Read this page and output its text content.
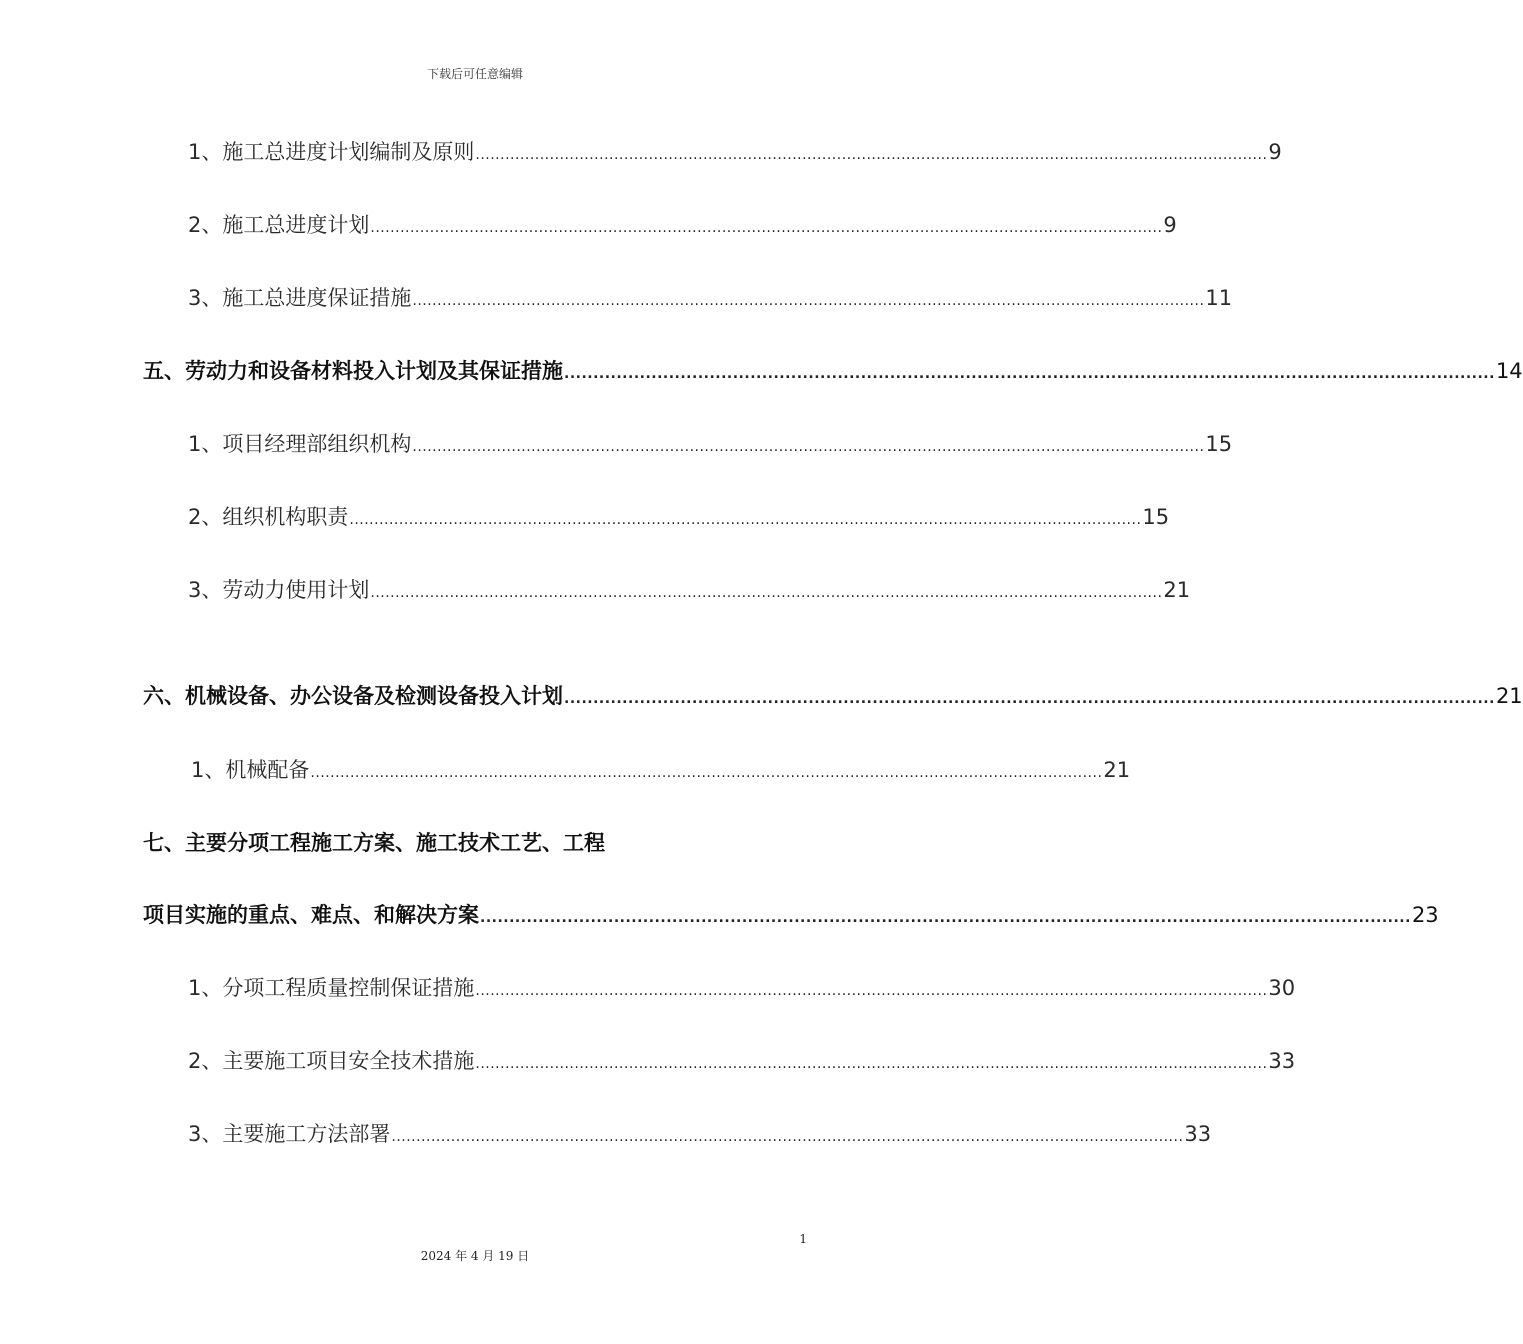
下载后可任意编辑
1、施工总进度计划编制及原则 ................................................................................................................................................................ 9
2、施工总进度计划 ................................................................................................................................................................ 9
3、施工总进度保证措施 ................................................................................................................................................................ 11
五、劳动力和设备材料投入计划及其保证措施 ................................................................................................................................................................ 14
1、项目经理部组织机构 ................................................................................................................................................................ 15
2、组织机构职责 ................................................................................................................................................................ 15
3、劳动力使用计划 ................................................................................................................................................................ 21
六、机械设备、办公设备及检测设备投入计划 ................................................................................................................................................................ 21
1、机械配备 ................................................................................................................................................................ 21
七、主要分项工程施工方案、施工技术工艺、工程
项目实施的重点、难点、和解决方案 ................................................................................................................................................................ 23
1、分项工程质量控制保证措施 ................................................................................................................................................................ 30
2、主要施工项目安全技术措施 ................................................................................................................................................................ 33
3、主要施工方法部署 ................................................................................................................................................................ 33
1
2024 年 4 月 19 日
